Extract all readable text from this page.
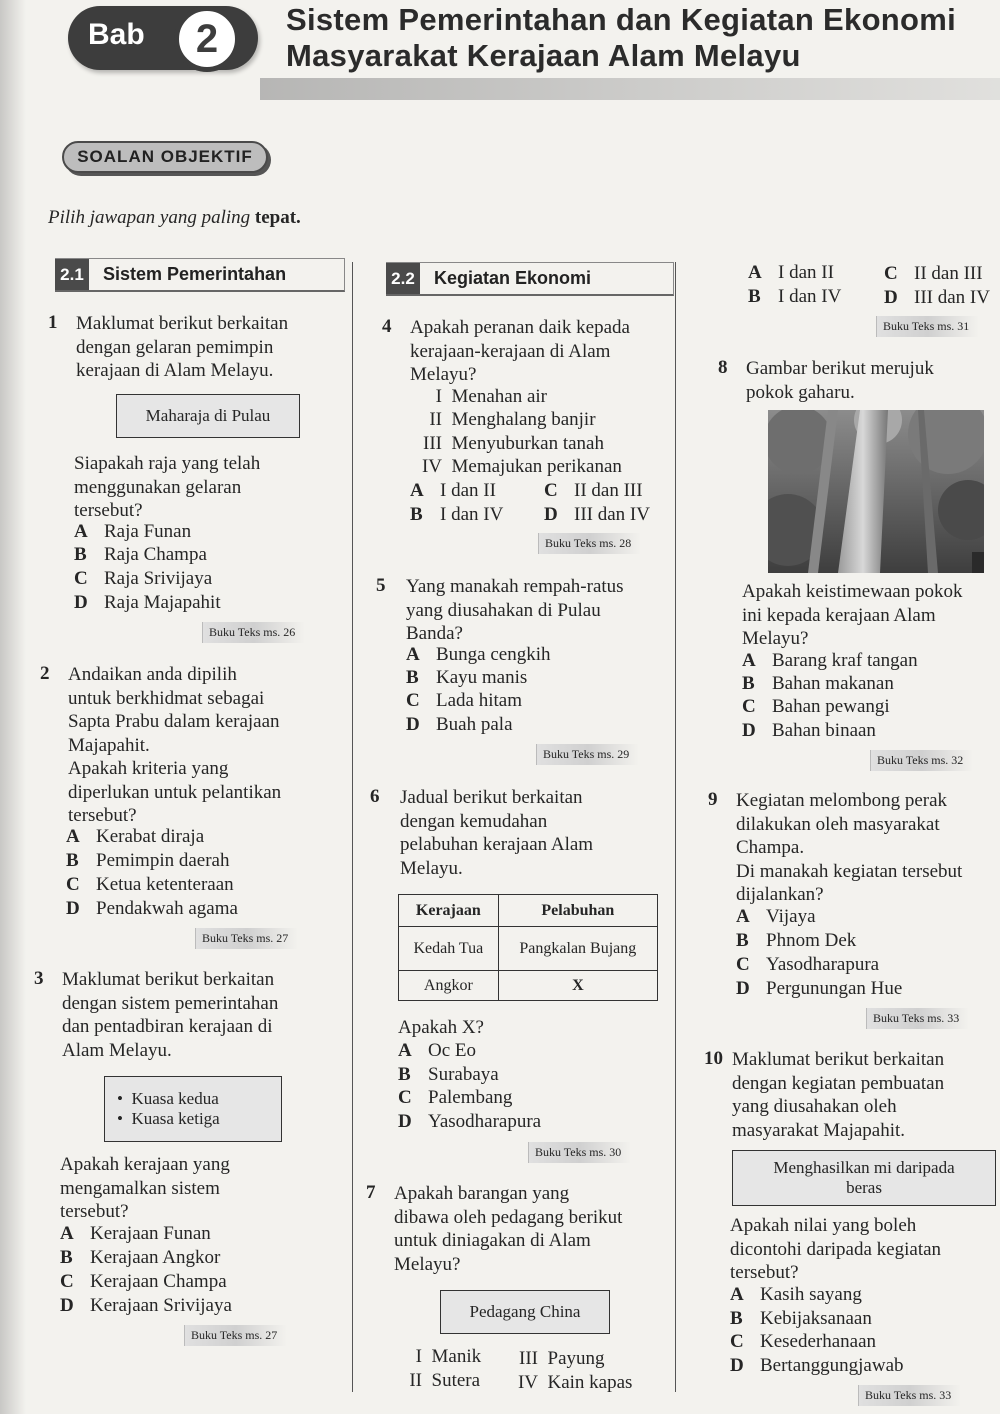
Bab	2	Sistem Pemerintahan dan Kegiatan Ekonomi
Masyarakat Kerajaan Alam Melayu
SOALAN OBJEKTIF
Pilih jawapan yang paling tepat.
2.1	Sistem Pemerintahan	2.2	Kegiatan Ekonomi
1 Maklumat berikut berkaitan
dengan gelaran pemimpin
kerajaan di Alam Melayu.
Maharaja di Pulau
Siapakah raja yang telah
menggunakan gelaran
tersebut?
A Raja Funan
B Raja Champa
C Raja Srivijaya
D Raja Majapahit
Buku Teks ms. 26
2 Andaikan anda dipilih
untuk berkhidmat sebagai
Sapta Prabu dalam kerajaan
Majapahit.
Apakah kriteria yang
diperlukan untuk pelantikan
tersebut?
A Kerabat diraja
B Pemimpin daerah
C Ketua ketenteraan
D Pendakwah agama
Buku Teks ms. 27
3 Maklumat berikut berkaitan
dengan sistem pemerintahan
dan pentadbiran kerajaan di
Alam Melayu.
• Kuasa kedua
• Kuasa ketiga
Apakah kerajaan yang
mengamalkan sistem
tersebut?
A Kerajaan Funan
B Kerajaan Angkor
C Kerajaan Champa
D Kerajaan Srivijaya
Buku Teks ms. 27
4 Apakah peranan daik kepada
kerajaan-kerajaan di Alam
Melayu?
I Menahan air
II Menghalang banjir
III Menyuburkan tanah
IV Memajukan perikanan
A I dan II
B I dan IV
C II dan III
D III dan IV
Buku Teks ms. 28
5 Yang manakah rempah-ratus
yang diusahakan di Pulau
Banda?
A Bunga cengkih
B Kayu manis
C Lada hitam
D Buah pala
Buku Teks ms. 29
6 Jadual berikut berkaitan
dengan kemudahan
pelabuhan kerajaan Alam
Melayu.
Kerajaan	Pelabuhan
Kedah Tua	Pangkalan Bujang
Angkor	X
Apakah X?
A Oc Eo
B Surabaya
C Palembang
D Yasodharapura
Buku Teks ms. 30
7 Apakah barangan yang
dibawa oleh pedagang berikut
untuk diniagakan di Alam
Melayu?
Pedagang China
I Manik
II Sutera
III Payung
IV Kain kapas
A I dan II
B I dan IV
C II dan III
D III dan IV
Buku Teks ms. 31
8 Gambar berikut merujuk
pokok gaharu.
Apakah keistimewaan pokok
ini kepada kerajaan Alam
Melayu?
A Barang kraf tangan
B Bahan makanan
C Bahan pewangi
D Bahan binaan
Buku Teks ms. 32
9 Kegiatan melombong perak
dilakukan oleh masyarakat
Champa.
Di manakah kegiatan tersebut
dijalankan?
A Vijaya
B Phnom Dek
C Yasodharapura
D Pergunungan Hue
Buku Teks ms. 33
10 Maklumat berikut berkaitan
dengan kegiatan pembuatan
yang diusahakan oleh
masyarakat Majapahit.
Menghasilkan mi daripada
beras
Apakah nilai yang boleh
dicontohi daripada kegiatan
tersebut?
A Kasih sayang
B Kebijaksanaan
C Kesederhanaan
D Bertanggungjawab
Buku Teks ms. 33
